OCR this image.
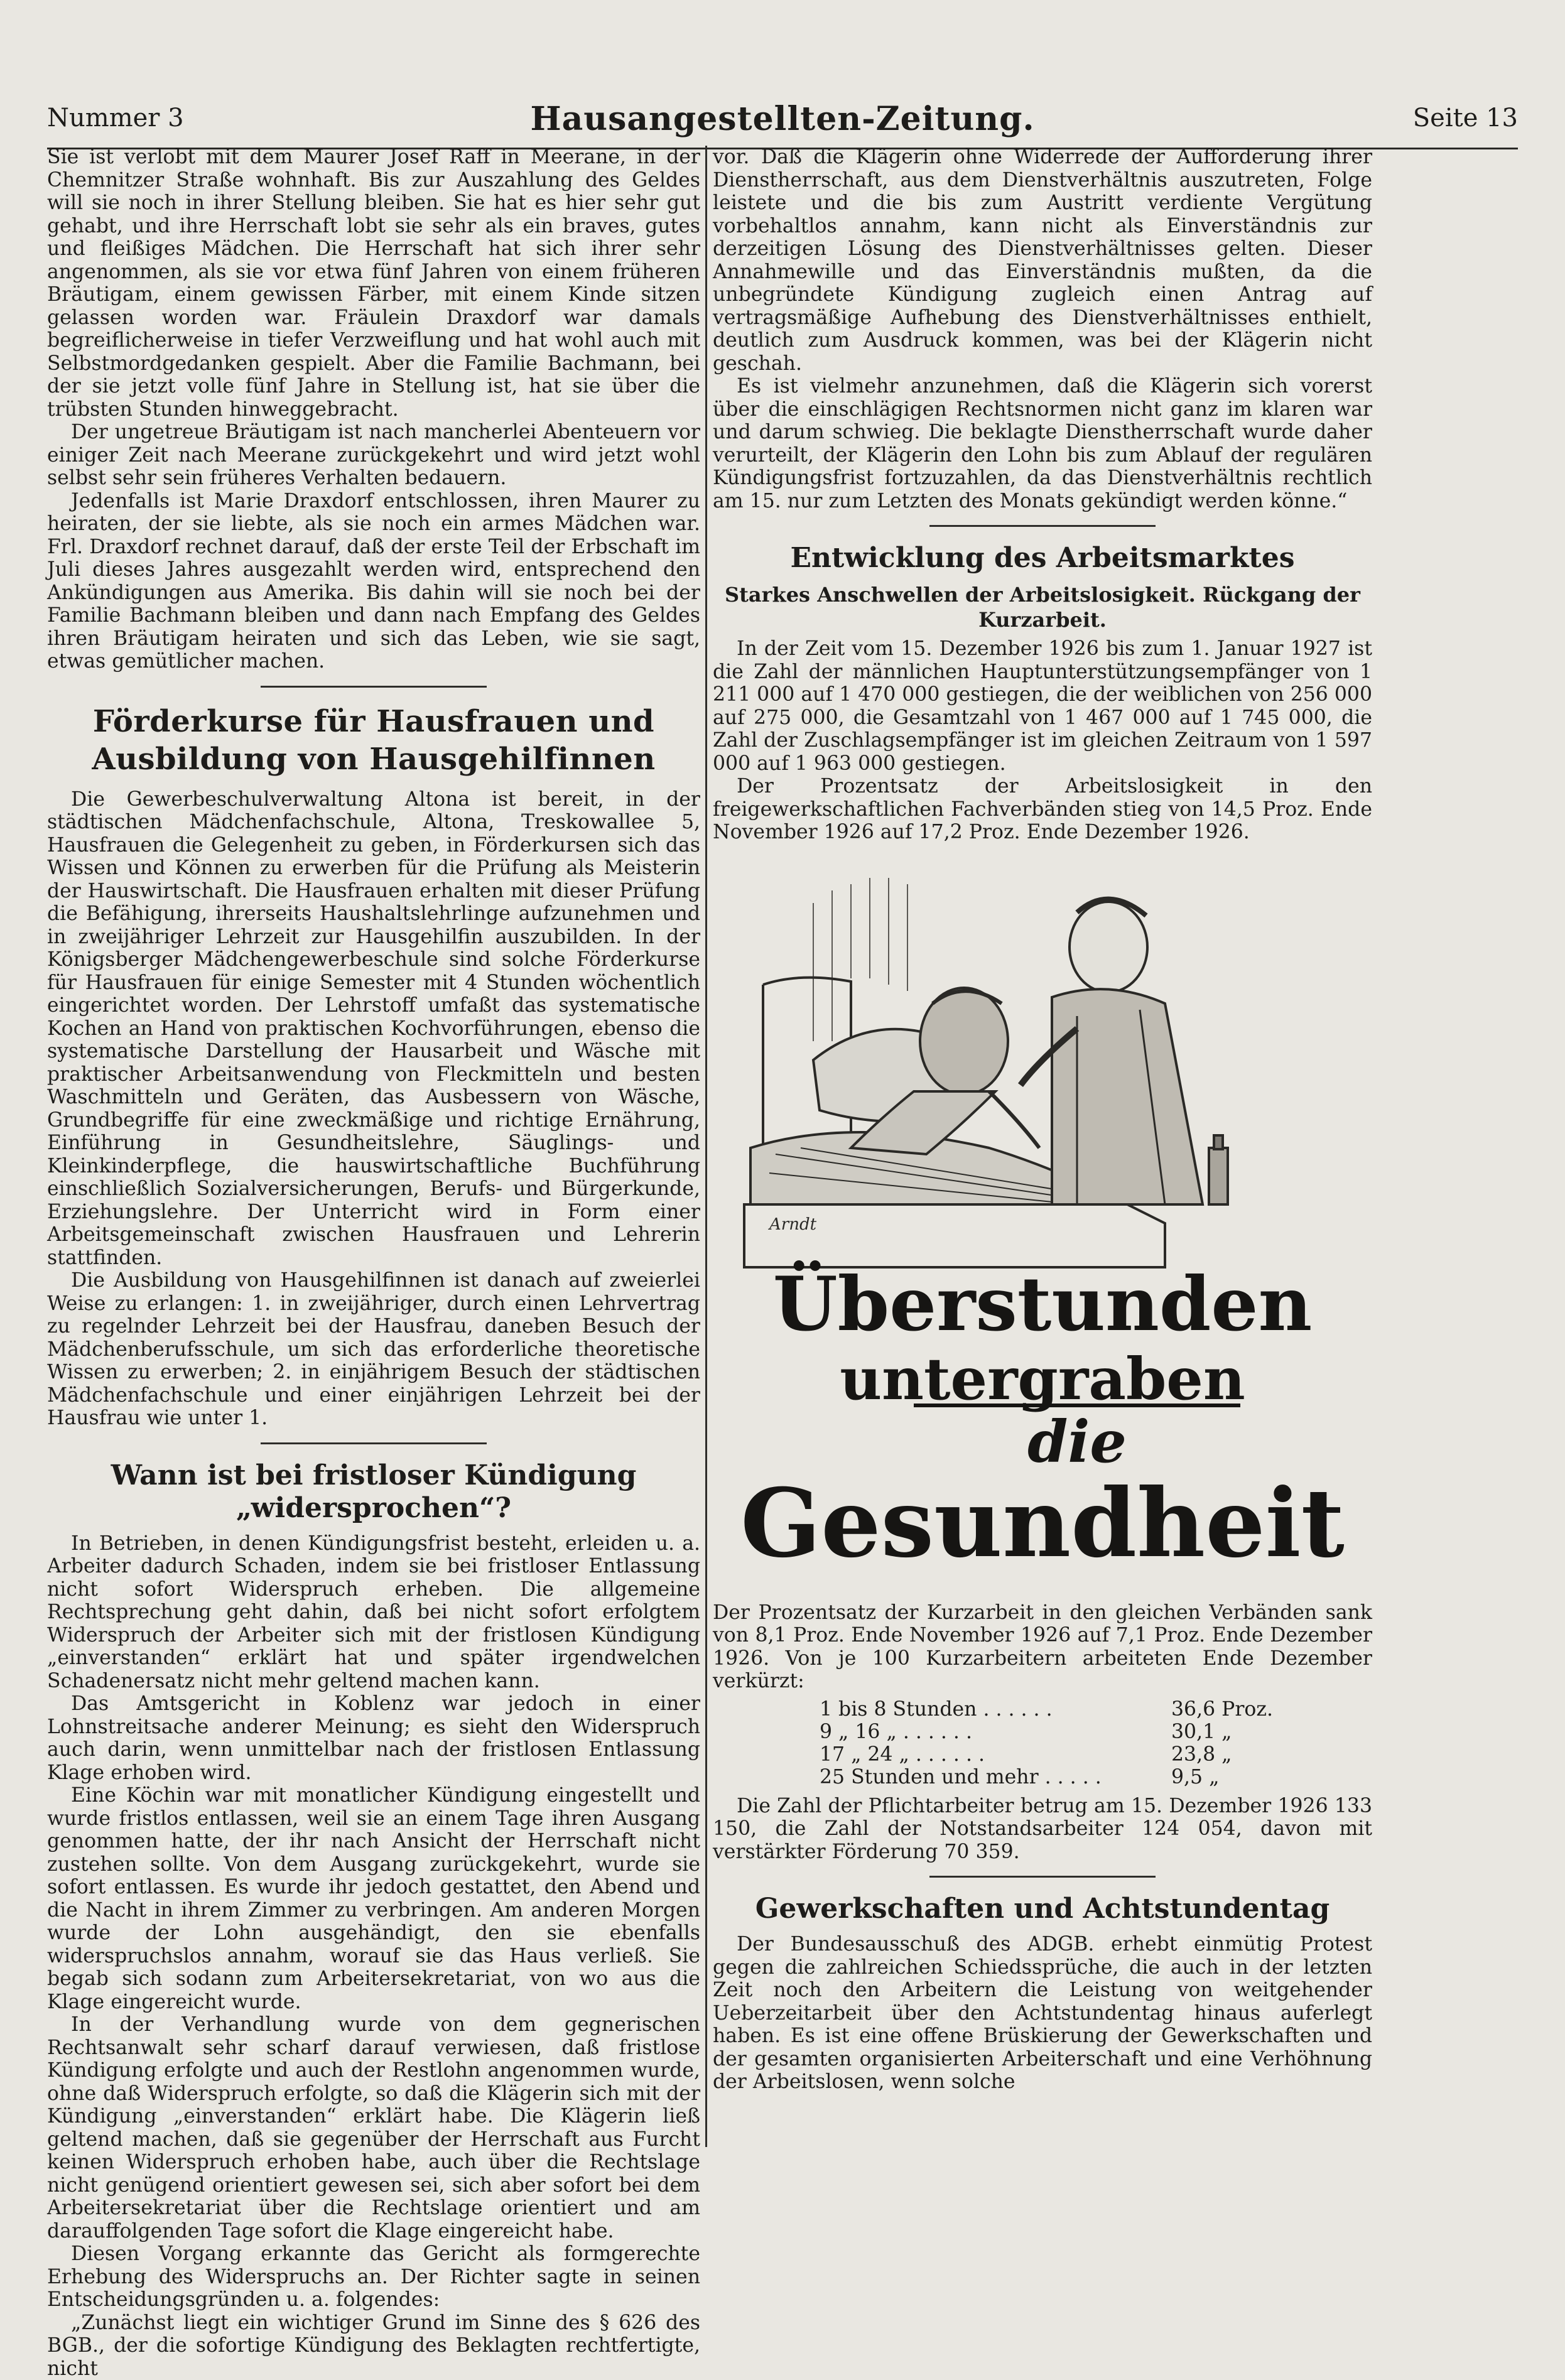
Nummer 3	Hausangestellten-Zeitung.	Seite 13

Sie ist verlobt mit dem Maurer Josef Raff in Meerane, in der Chemnitzer Straße wohnhaft. Bis zur Auszahlung des Geldes will sie noch in ihrer Stellung bleiben. Sie hat es hier sehr gut gehabt, und ihre Herrschaft lobt sie sehr als ein braves, gutes und fleißiges Mädchen. Die Herrschaft hat sich ihrer sehr angenommen, als sie vor etwa fünf Jahren von einem früheren Bräutigam, einem gewissen Färber, mit einem Kinde sitzen gelassen worden war. Fräulein Draxdorf war damals begreiflicherweise in tiefer Verzweiflung und hat wohl auch mit Selbstmordgedanken gespielt. Aber die Familie Bachmann, bei der sie jetzt volle fünf Jahre in Stellung ist, hat sie über die trübsten Stunden hinweggebracht.

Der ungetreue Bräutigam ist nach mancherlei Abenteuern vor einiger Zeit nach Meerane zurückgekehrt und wird jetzt wohl selbst sehr sein früheres Verhalten bedauern.

Jedenfalls ist Marie Draxdorf entschlossen, ihren Maurer zu heiraten, der sie liebte, als sie noch ein armes Mädchen war. Frl. Draxdorf rechnet darauf, daß der erste Teil der Erbschaft im Juli dieses Jahres ausgezahlt werden wird, entsprechend den Ankündigungen aus Amerika. Bis dahin will sie noch bei der Familie Bachmann bleiben und dann nach Empfang des Geldes ihren Bräutigam heiraten und sich das Leben, wie sie sagt, etwas gemütlicher machen.

Förderkurse für Hausfrauen und Ausbildung von Hausgehilfinnen

Die Gewerbeschulverwaltung Altona ist bereit, in der städtischen Mädchenfachschule, Altona, Treskowallee 5, Hausfrauen die Gelegenheit zu geben, in Förderkursen sich das Wissen und Können zu erwerben für die Prüfung als Meisterin der Hauswirtschaft. Die Hausfrauen erhalten mit dieser Prüfung die Befähigung, ihrerseits Haushaltslehrlinge aufzunehmen und in zweijähriger Lehrzeit zur Hausgehilfin auszubilden. In der Königsberger Mädchengewerbeschule sind solche Förderkurse für Hausfrauen für einige Semester mit 4 Stunden wöchentlich eingerichtet worden. Der Lehrstoff umfaßt das systematische Kochen an Hand von praktischen Kochvorführungen, ebenso die systematische Darstellung der Hausarbeit und Wäsche mit praktischer Arbeitsanwendung von Fleckmitteln und besten Waschmitteln und Geräten, das Ausbessern von Wäsche, Grundbegriffe für eine zweckmäßige und richtige Ernährung, Einführung in Gesundheitslehre, Säuglings- und Kleinkinderpflege, die hauswirtschaftliche Buchführung einschließlich Sozialversicherungen, Berufs- und Bürgerkunde, Erziehungslehre. Der Unterricht wird in Form einer Arbeitsgemeinschaft zwischen Hausfrauen und Lehrerin stattfinden.

Die Ausbildung von Hausgehilfinnen ist danach auf zweierlei Weise zu erlangen: 1. in zweijähriger, durch einen Lehrvertrag zu regelnder Lehrzeit bei der Hausfrau, daneben Besuch der Mädchenberufsschule, um sich das erforderliche theoretische Wissen zu erwerben; 2. in einjährigem Besuch der städtischen Mädchenfachschule und einer einjährigen Lehrzeit bei der Hausfrau wie unter 1.

Wann ist bei fristloser Kündigung „widersprochen“?

In Betrieben, in denen Kündigungsfrist besteht, erleiden u. a. Arbeiter dadurch Schaden, indem sie bei fristloser Entlassung nicht sofort Widerspruch erheben. Die allgemeine Rechtsprechung geht dahin, daß bei nicht sofort erfolgtem Widerspruch der Arbeiter sich mit der fristlosen Kündigung „einverstanden“ erklärt hat und später irgendwelchen Schadenersatz nicht mehr geltend machen kann.

Das Amtsgericht in Koblenz war jedoch in einer Lohnstreitsache anderer Meinung; es sieht den Widerspruch auch darin, wenn unmittelbar nach der fristlosen Entlassung Klage erhoben wird.

Eine Köchin war mit monatlicher Kündigung eingestellt und wurde fristlos entlassen, weil sie an einem Tage ihren Ausgang genommen hatte, der ihr nach Ansicht der Herrschaft nicht zustehen sollte. Von dem Ausgang zurückgekehrt, wurde sie sofort entlassen. Es wurde ihr jedoch gestattet, den Abend und die Nacht in ihrem Zimmer zu verbringen. Am anderen Morgen wurde der Lohn ausgehändigt, den sie ebenfalls widerspruchslos annahm, worauf sie das Haus verließ. Sie begab sich sodann zum Arbeitersekretariat, von wo aus die Klage eingereicht wurde.

In der Verhandlung wurde von dem gegnerischen Rechtsanwalt sehr scharf darauf verwiesen, daß fristlose Kündigung erfolgte und auch der Restlohn angenommen wurde, ohne daß Widerspruch erfolgte, so daß die Klägerin sich mit der Kündigung „einverstanden“ erklärt habe. Die Klägerin ließ geltend machen, daß sie gegenüber der Herrschaft aus Furcht keinen Widerspruch erhoben habe, auch über die Rechtslage nicht genügend orientiert gewesen sei, sich aber sofort bei dem Arbeitersekretariat über die Rechtslage orientiert und am darauffolgenden Tage sofort die Klage eingereicht habe.

Diesen Vorgang erkannte das Gericht als formgerechte Erhebung des Widerspruchs an. Der Richter sagte in seinen Entscheidungsgründen u. a. folgendes:

„Zunächst liegt ein wichtiger Grund im Sinne des § 626 des BGB., der die sofortige Kündigung des Beklagten rechtfertigte, nicht

vor. Daß die Klägerin ohne Widerrede der Aufforderung ihrer Dienstherrschaft, aus dem Dienstverhältnis auszutreten, Folge leistete und die bis zum Austritt verdiente Vergütung vorbehaltlos annahm, kann nicht als Einverständnis zur derzeitigen Lösung des Dienstverhältnisses gelten. Dieser Annahmewille und das Einverständnis mußten, da die unbegründete Kündigung zugleich einen Antrag auf vertragsmäßige Aufhebung des Dienstverhältnisses enthielt, deutlich zum Ausdruck kommen, was bei der Klägerin nicht geschah.

Es ist vielmehr anzunehmen, daß die Klägerin sich vorerst über die einschlägigen Rechtsnormen nicht ganz im klaren war und darum schwieg. Die beklagte Dienstherrschaft wurde daher verurteilt, der Klägerin den Lohn bis zum Ablauf der regulären Kündigungsfrist fortzuzahlen, da das Dienstverhältnis rechtlich am 15. nur zum Letzten des Monats gekündigt werden könne.“

Entwicklung des Arbeitsmarktes
Starkes Anschwellen der Arbeitslosigkeit. Rückgang der Kurzarbeit.

In der Zeit vom 15. Dezember 1926 bis zum 1. Januar 1927 ist die Zahl der männlichen Hauptunterstützungsempfänger von 1 211 000 auf 1 470 000 gestiegen, die der weiblichen von 256 000 auf 275 000, die Gesamtzahl von 1 467 000 auf 1 745 000, die Zahl der Zuschlagsempfänger ist im gleichen Zeitraum von 1 597 000 auf 1 963 000 gestiegen.

Der Prozentsatz der Arbeitslosigkeit in den freigewerkschaftlichen Fachverbänden stieg von 14,5 Proz. Ende November 1926 auf 17,2 Proz. Ende Dezember 1926.

Arndt
Überstunden
untergraben
die
Gesundheit

Der Prozentsatz der Kurzarbeit in den gleichen Verbänden sank von 8,1 Proz. Ende November 1926 auf 7,1 Proz. Ende Dezember 1926. Von je 100 Kurzarbeitern arbeiteten Ende Dezember verkürzt:

1 bis 8 Stunden . . . . . .	36,6 Proz.
9 „ 16 „ . . . . . .	30,1 „
17 „ 24 „ . . . . . .	23,8 „
25 Stunden und mehr . . . . .	9,5 „

Die Zahl der Pflichtarbeiter betrug am 15. Dezember 1926 133 150, die Zahl der Notstandsarbeiter 124 054, davon mit verstärkter Förderung 70 359.

Gewerkschaften und Achtstundentag

Der Bundesausschuß des ADGB. erhebt einmütig Protest gegen die zahlreichen Schiedssprüche, die auch in der letzten Zeit noch den Arbeitern die Leistung von weitgehender Ueberzeitarbeit über den Achtstundentag hinaus auferlegt haben. Es ist eine offene Brüskierung der Gewerkschaften und der gesamten organisierten Arbeiterschaft und eine Verhöhnung der Arbeitslosen, wenn solche
